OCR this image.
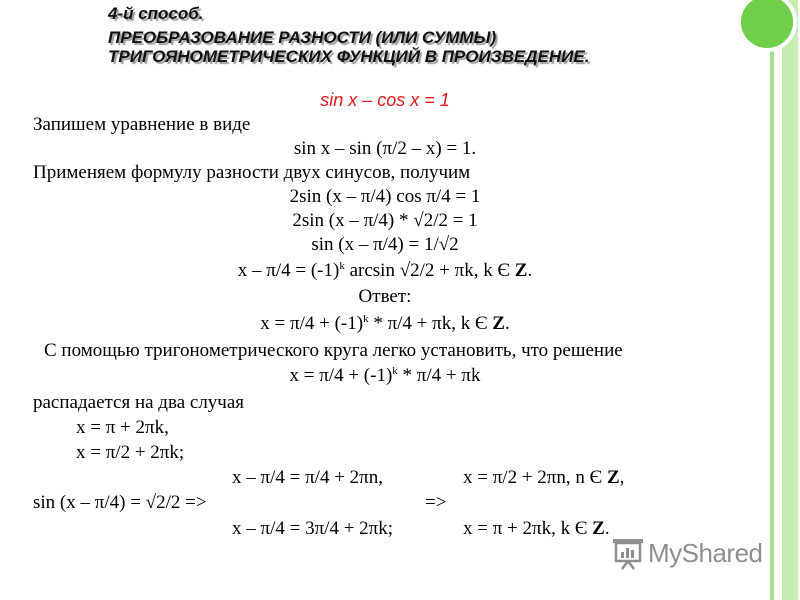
4-й способ.
ПРЕОБРАЗОВАНИЕ РАЗНОСТИ (ИЛИ СУММЫ)
ТРИГОЯНОМЕТРИЧЕСКИХ ФУНКЦИЙ В ПРОИЗВЕДЕНИЕ.
sin x – cos x = 1
Запишем уравнение в виде
sin x – sin (π/2 – x) = 1.
Применяем формулу разности двух синусов, получим
2sin (x – π/4) cos π/4 = 1
2sin (x – π/4) * √2/2 = 1
sin (x – π/4) = 1/√2
$x - \pi/4 = (-1)^k$ arcsin √2/2 + πk, k Є Z.
Ответ:
$x = \pi/4 + (-1)^k * \pi/4 + \pi k$, k Є Z.
С помощью тригонометрического круга легко установить, что решение
$x = \pi/4 + (-1)^k * \pi/4 + \pi k$
распадается на два случая
x = π + 2πk,
x = π/2 + 2πk;
x – π/4 = π/4 + 2πn,	x = π/2 + 2πn, n Є Z,
sin (x – π/4) = √2/2 =>	=>
x – π/4 = 3π/4 + 2πk;	x = π + 2πk, k Є Z.
MyShared
